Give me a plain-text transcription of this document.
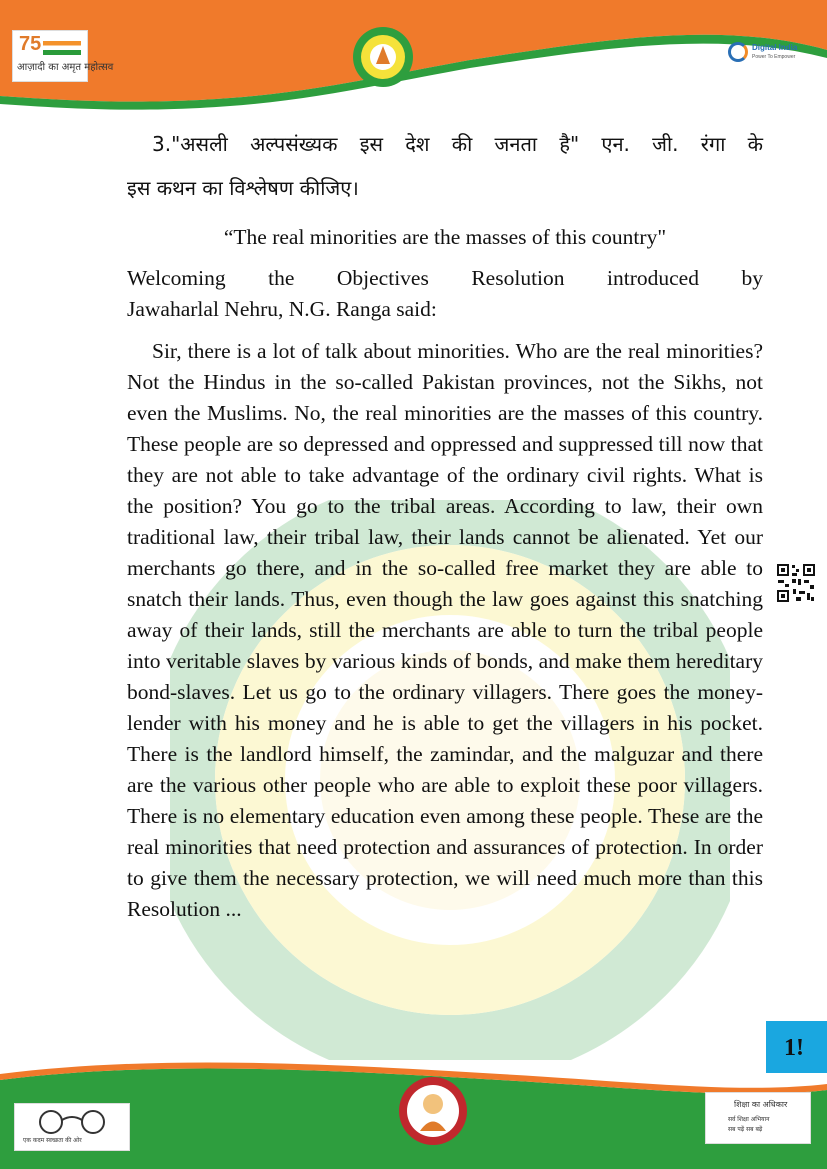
75
आज़ादी का अमृत महोत्सव
Digital India
Power To Empower

3."असली अल्पसंख्यक इस देश की जनता है" एन. जी. रंगा के
इस कथन का विश्लेषण कीजिए।

“The real minorities are the masses of this country"

Welcoming the Objectives Resolution introduced by
Jawaharlal Nehru, N.G. Ranga said:

Sir, there is a lot of talk about minorities. Who are the real minorities? Not the Hindus in the so-called Pakistan provinces, not the Sikhs, not even the Muslims. No, the real minorities are the masses of this country. These people are so depressed and oppressed and suppressed till now that they are not able to take advantage of the ordinary civil rights. What is the position? You go to the tribal areas. According to law, their own traditional law, their tribal law, their lands cannot be alienated. Yet our merchants go there, and in the so-called free market they are able to snatch their lands. Thus, even though the law goes against this snatching away of their lands, still the merchants are able to turn the tribal people into veritable slaves by various kinds of bonds, and make them hereditary bond-slaves. Let us go to the ordinary villagers. There goes the money-lender with his money and he is able to get the villagers in his pocket. There is the landlord himself, the zamindar, and the malguzar and there are the various other people who are able to exploit these poor villagers. There is no elementary education even among these people. These are the real minorities that need protection and assurances of protection. In order to give them the necessary protection, we will need much more than this Resolution ...

1!
एक कदम स्वच्छता की ओर
शिक्षा का अधिकार
सर्व शिक्षा अभियान
सब पढ़ें सब बढ़ें
